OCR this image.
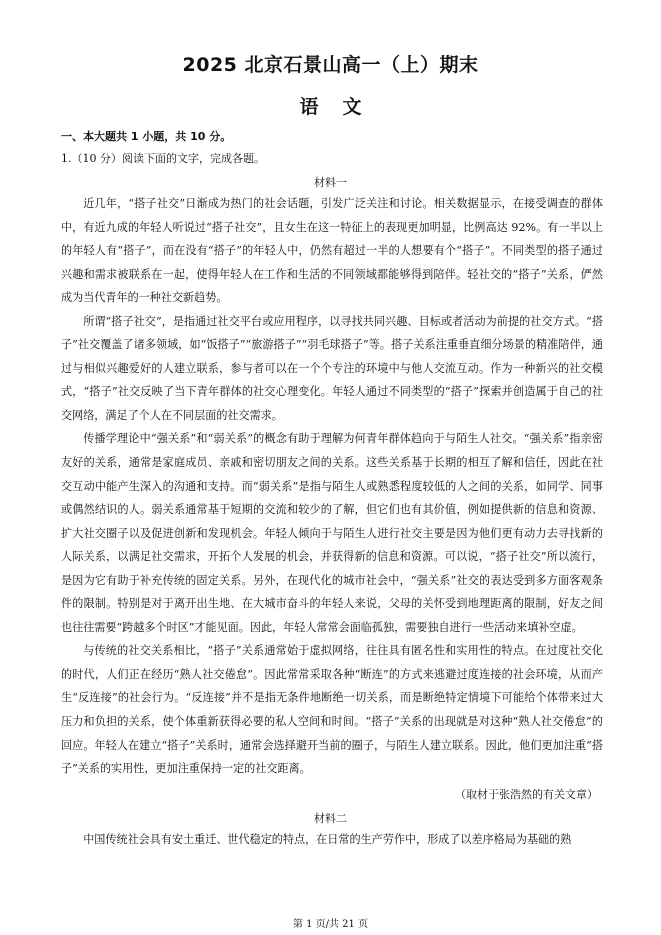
2025 北京石景山高一（上）期末
语文
一、本大题共 1 小题，共 10 分。
1.（10 分）阅读下面的文字，完成各题。
材料一

近几年，“搭子社交”日渐成为热门的社会话题，引发广泛关注和讨论。相关数据显示，在接受调查的群体中，有近九成的年轻人听说过“搭子社交”，且女生在这一特征上的表现更加明显，比例高达 92%。有一半以上的年轻人有“搭子”，而在没有“搭子”的年轻人中，仍然有超过一半的人想要有个“搭子”。不同类型的搭子通过兴趣和需求被联系在一起，使得年轻人在工作和生活的不同领域都能够得到陪伴。轻社交的“搭子”关系，俨然成为当代青年的一种社交新趋势。

所谓“搭子社交”，是指通过社交平台或应用程序，以寻找共同兴趣、目标或者活动为前提的社交方式。“搭子”社交覆盖了诸多领域，如“饭搭子”“旅游搭子”“羽毛球搭子”等。搭子关系注重垂直细分场景的精准陪伴，通过与相似兴趣爱好的人建立联系，参与者可以在一个个专注的环境中与他人交流互动。作为一种新兴的社交模式，“搭子”社交反映了当下青年群体的社交心理变化。年轻人通过不同类型的“搭子”探索并创造属于自己的社交网络，满足了个人在不同层面的社交需求。

传播学理论中“强关系”和“弱关系”的概念有助于理解为何青年群体趋向于与陌生人社交。“强关系”指亲密友好的关系，通常是家庭成员、亲戚和密切朋友之间的关系。这些关系基于长期的相互了解和信任，因此在社交互动中能产生深入的沟通和支持。而“弱关系”是指与陌生人或熟悉程度较低的人之间的关系，如同学、同事或偶然结识的人。弱关系通常基于短期的交流和较少的了解，但它们也有其价值，例如提供新的信息和资源、扩大社交圈子以及促进创新和发现机会。年轻人倾向于与陌生人进行社交主要是因为他们更有动力去寻找新的人际关系，以满足社交需求，开拓个人发展的机会，并获得新的信息和资源。可以说，“搭子社交”所以流行，是因为它有助于补充传统的固定关系。另外，在现代化的城市社会中，“强关系”社交的表达受到多方面客观条件的限制。特别是对于离开出生地、在大城市奋斗的年轻人来说，父母的关怀受到地理距离的限制，好友之间也往往需要“跨越多个时区”才能见面。因此，年轻人常常会面临孤独，需要独自进行一些活动来填补空虚。

与传统的社交关系相比，“搭子”关系通常始于虚拟网络，往往具有匿名性和实用性的特点。在过度社交化的时代，人们正在经历“熟人社交倦怠”。因此常常采取各种“断连”的方式来逃避过度连接的社会环境，从而产生“反连接”的社会行为。“反连接”并不是指无条件地断绝一切关系，而是断绝特定情境下可能给个体带来过大压力和负担的关系，使个体重新获得必要的私人空间和时间。“搭子”关系的出现就是对这种“熟人社交倦怠”的回应。年轻人在建立“搭子”关系时，通常会选择避开当前的圈子，与陌生人建立联系。因此，他们更加注重“搭子”关系的实用性，更加注重保持一定的社交距离。

（取材于张浩然的有关文章）
材料二

中国传统社会具有安土重迁、世代稳定的特点，在日常的生产劳作中，形成了以差序格局为基础的熟

第 1 页/共 21 页
